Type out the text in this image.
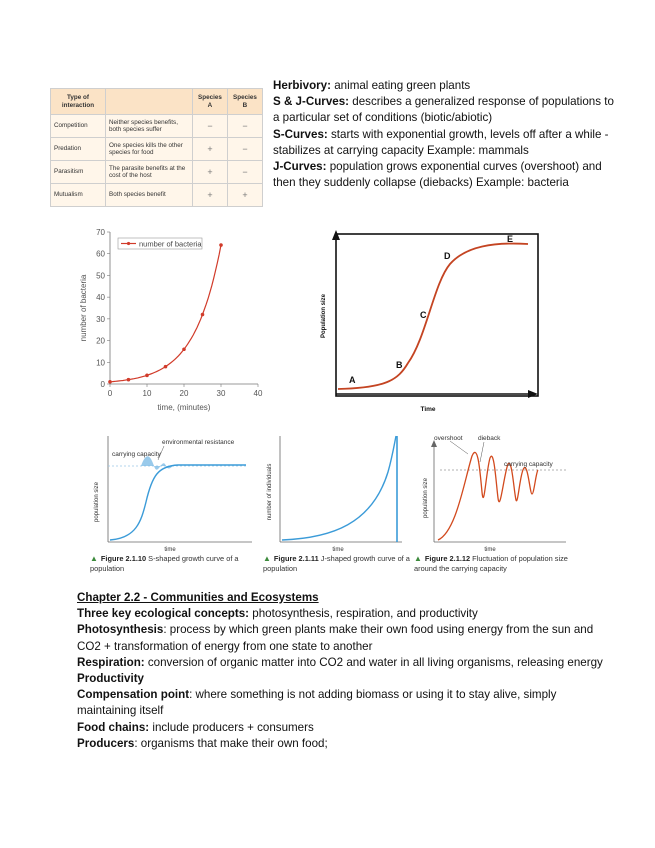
Type of interaction		Species A	Species B
Competition	Neither species benefits, both species suffer	−	−
Predation	One species kills the other species for food	+	−
Parasitism	The parasite benefits at the cost of the host	+	−
Mutualism	Both species benefit	+	+

Herbivory: animal eating green plants

S & J-Curves: describes a generalized response of populations to a particular set of conditions (biotic/abiotic)

S-Curves: starts with exponential growth, levels off after a while - stabilizes at carrying capacity Example: mammals

J-Curves: population grows exponential curves (overshoot) and then they suddenly collapse (diebacks) Example: bacteria

0
10
20
30
40
50
60
70
0	10	20	30	40
number of bacteria
time, (minutes)
number of bacteria
A
B
C
D
E
Time
Population size
environmental resistance
carrying capacity
population size
time
number of individuals
time
overshoot dieback
carrying capacity
population size
time
▲ Figure 2.1.10 S-shaped growth curve of a population
▲ Figure 2.1.11 J-shaped growth curve of a population
▲ Figure 2.1.12 Fluctuation of population size around the carrying capacity

Chapter 2.2 - Communities and Ecosystems

Three key ecological concepts: photosynthesis, respiration, and productivity

Photosynthesis: process by which green plants make their own food using energy from the sun and CO2 + transformation of energy from one state to another

Respiration: conversion of organic matter into CO2 and water in all living organisms, releasing energy

Productivity

Compensation point: where something is not adding biomass or using it to stay alive, simply maintaining itself

Food chains: include producers + consumers

Producers: organisms that make their own food;
